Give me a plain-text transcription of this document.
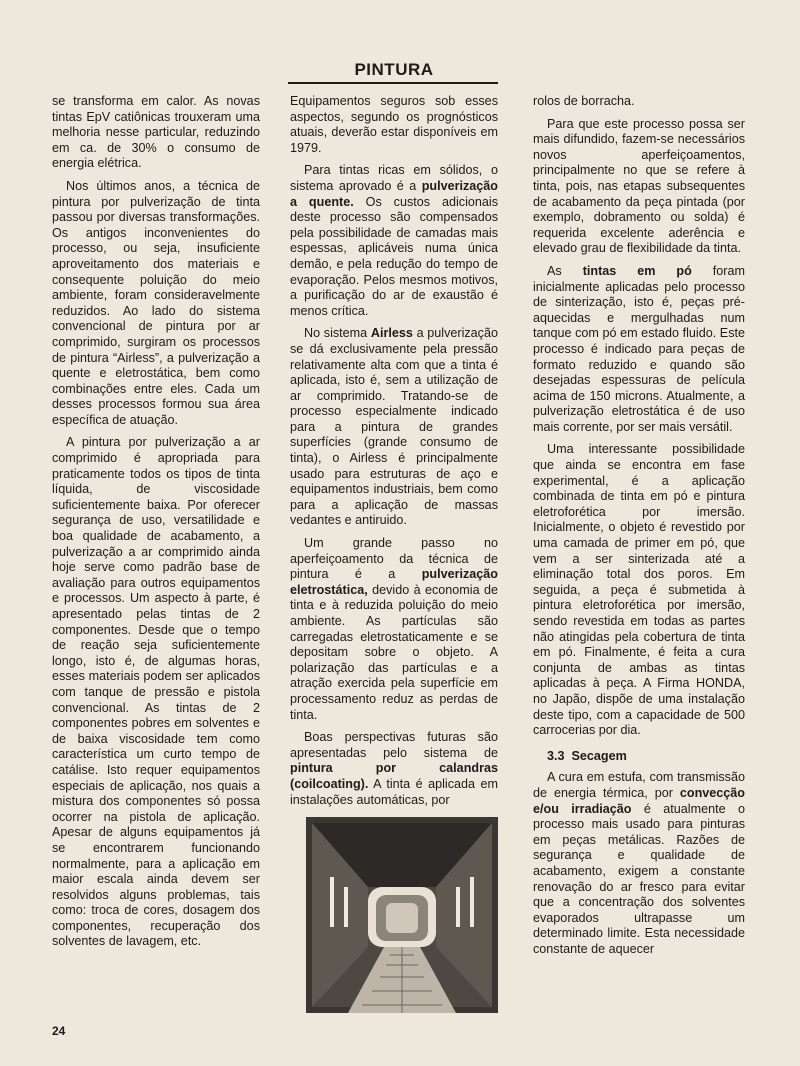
PINTURA

se transforma em calor. As novas tintas EpV catiônicas trouxeram uma melhoria nesse particular, reduzindo em ca. de 30% o consumo de energia elétrica.

Nos últimos anos, a técnica de pintura por pulverização de tinta passou por diversas transformações. Os antigos inconvenientes do processo, ou seja, insuficiente aproveitamento dos materiais e consequente poluição do meio ambiente, foram consideravelmente reduzidos. Ao lado do sistema convencional de pintura por ar comprimido, surgiram os processos de pintura “Airless”, a pulverização a quente e eletrostática, bem como combinações entre eles. Cada um desses processos formou sua área específica de atuação.

A pintura por pulverização a ar comprimido é apropriada para praticamente todos os tipos de tinta líquida, de viscosidade suficientemente baixa. Por oferecer segurança de uso, versatilidade e boa qualidade de acabamento, a pulverização a ar comprimido ainda hoje serve como padrão base de avaliação para outros equipamentos e processos. Um aspecto à parte, é apresentado pelas tintas de 2 componentes. Desde que o tempo de reação seja suficientemente longo, isto é, de algumas horas, esses materiais podem ser aplicados com tanque de pressão e pistola convencional. As tintas de 2 componentes pobres em solventes e de baixa viscosidade tem como característica um curto tempo de catálise. Isto requer equipamentos especiais de aplicação, nos quais a mistura dos componentes só possa ocorrer na pistola de aplicação. Apesar de alguns equipamentos já se encontrarem funcionando normalmente, para a aplicação em maior escala ainda devem ser resolvidos alguns problemas, tais como: troca de cores, dosagem dos componentes, recuperação dos solventes de lavagem, etc.

Equipamentos seguros sob esses aspectos, segundo os prognósticos atuais, deverão estar disponíveis em 1979.

Para tintas ricas em sólidos, o sistema aprovado é a pulverização a quente. Os custos adicionais deste processo são compensados pela possibilidade de camadas mais espessas, aplicáveis numa única demão, e pela redução do tempo de evaporação. Pelos mesmos motivos, a purificação do ar de exaustão é menos crítica.

No sistema Airless a pulverização se dá exclusivamente pela pressão relativamente alta com que a tinta é aplicada, isto é, sem a utilização de ar comprimido. Tratando-se de processo especialmente indicado para a pintura de grandes superfícies (grande consumo de tinta), o Airless é principalmente usado para estruturas de aço e equipamentos industriais, bem como para a aplicação de massas vedantes e antiruido.

Um grande passo no aperfeiçoamento da técnica de pintura é a pulverização eletrostática, devido à economia de tinta e à reduzida poluição do meio ambiente. As partículas são carregadas eletrostaticamente e se depositam sobre o objeto. A polarização das partículas e a atração exercida pela superfície em processamento reduz as perdas de tinta.

Boas perspectivas futuras são apresentadas pelo sistema de pintura por calandras (coilcoating). A tinta é aplicada em instalações automáticas, por

rolos de borracha.

Para que este processo possa ser mais difundido, fazem-se necessários novos aperfeiçoamentos, principalmente no que se refere à tinta, pois, nas etapas subsequentes de acabamento da peça pintada (por exemplo, dobramento ou solda) é requerida excelente aderência e elevado grau de flexibilidade da tinta.

As tintas em pó foram inicialmente aplicadas pelo processo de sinterização, isto é, peças pré-aquecidas e mergulhadas num tanque com pó em estado fluido. Este processo é indicado para peças de formato reduzido e quando são desejadas espessuras de película acima de 150 microns. Atualmente, a pulverização eletrostática é de uso mais corrente, por ser mais versátil.

Uma interessante possibilidade que ainda se encontra em fase experimental, é a aplicação combinada de tinta em pó e pintura eletroforética por imersão. Inicialmente, o objeto é revestido por uma camada de primer em pó, que vem a ser sinterizada até a eliminação total dos poros. Em seguida, a peça é submetida à pintura eletroforética por imersão, sendo revestida em todas as partes não atingidas pela cobertura de tinta em pó. Finalmente, é feita a cura conjunta de ambas as tintas aplicadas à peça. A Firma HONDA, no Japão, dispõe de uma instalação deste tipo, com a capacidade de 500 carrocerias por dia.

3.3 Secagem

A cura em estufa, com transmissão de energia térmica, por convecção e/ou irradiação é atualmente o processo mais usado para pinturas em peças metálicas. Razões de segurança e qualidade de acabamento, exigem a constante renovação do ar fresco para evitar que a concentração dos solventes evaporados ultrapasse um determinado limite. Esta necessidade constante de aquecer

24
